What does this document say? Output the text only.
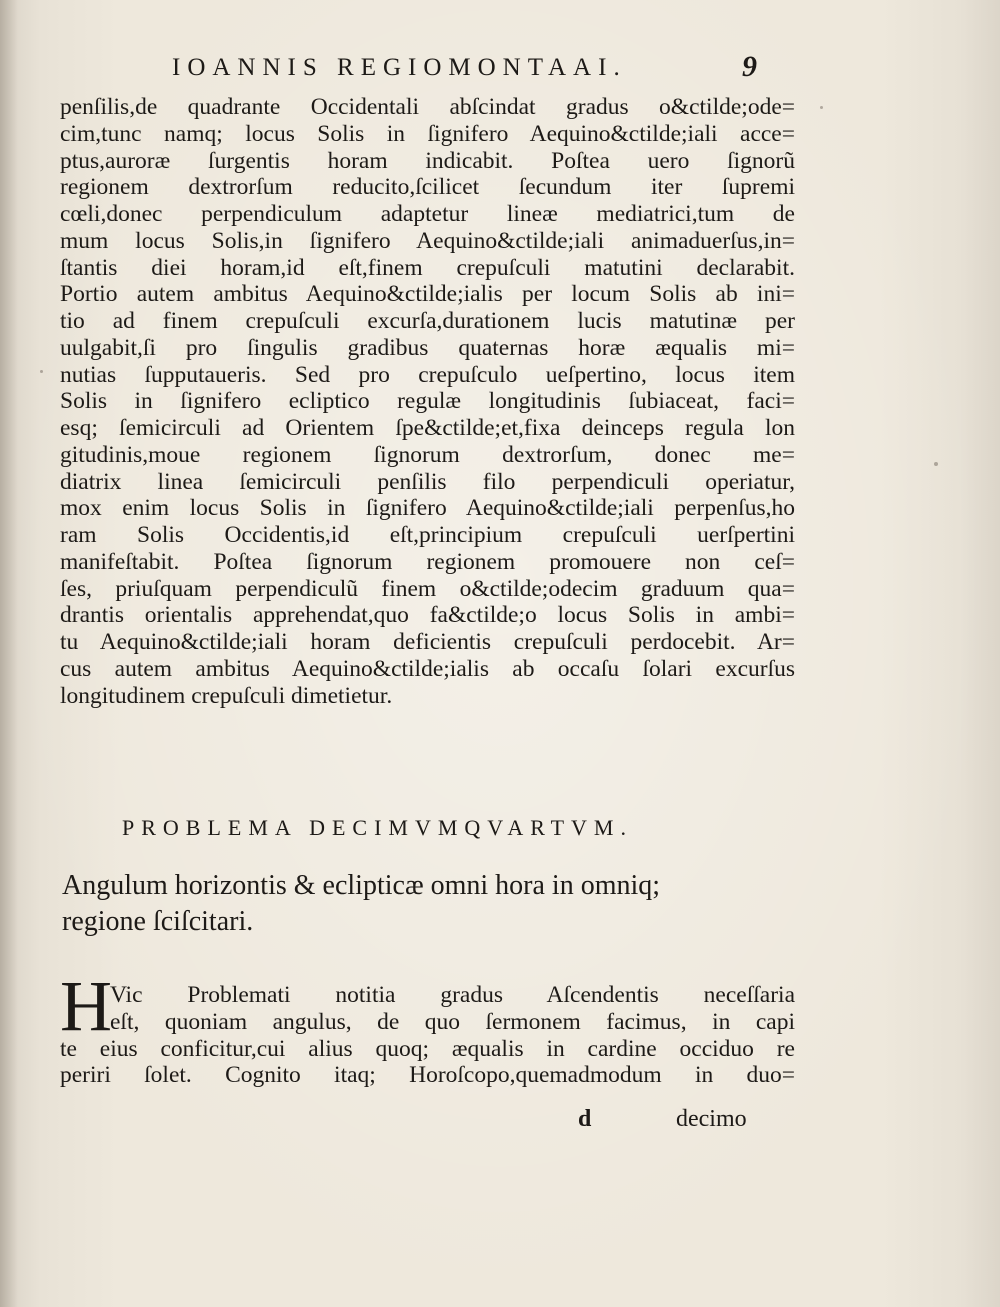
IOANNIS REGIOMONTAAI.	9
penſilis,de quadrante Occidentali abſcindat gradus o&ctilde;ode=
cim,tunc namq; locus Solis in ſignifero Aequino&ctilde;iali acce=
ptus,auroræ ſurgentis horam indicabit. Poſtea uero ſignorũ
regionem dextrorſum reducito,ſcilicet ſecundum iter ſupremi
cœli,donec perpendiculum adaptetur lineæ mediatrici,tum de
mum locus Solis,in ſignifero Aequino&ctilde;iali animaduerſus,in=
ſtantis diei horam,id eſt,finem crepuſculi matutini declarabit.
Portio autem ambitus Aequino&ctilde;ialis per locum Solis ab ini=
tio ad finem crepuſculi excurſa,durationem lucis matutinæ per
uulgabit,ſi pro ſingulis gradibus quaternas horæ æqualis mi=
nutias ſupputaueris. Sed pro crepuſculo ueſpertino, locus item
Solis in ſignifero ecliptico regulæ longitudinis ſubiaceat, faci=
esq; ſemicirculi ad Orientem ſpe&ctilde;et,fixa deinceps regula lon
gitudinis,moue regionem ſignorum dextrorſum, donec me=
diatrix linea ſemicirculi penſilis filo perpendiculi operiatur,
mox enim locus Solis in ſignifero Aequino&ctilde;iali perpenſus,ho
ram Solis Occidentis,id eſt,principium crepuſculi uerſpertini
manifeſtabit. Poſtea ſignorum regionem promouere non ceſ=
ſes, priuſquam perpendiculũ finem o&ctilde;odecim graduum qua=
drantis orientalis apprehendat,quo fa&ctilde;o locus Solis in ambi=
tu Aequino&ctilde;iali horam deficientis crepuſculi perdocebit. Ar=
cus autem ambitus Aequino&ctilde;ialis ab occaſu ſolari excurſus
longitudinem crepuſculi dimetietur.
PROBLEMA DECIMVMQVARTVM.
Angulum horizontis & eclipticæ omni hora in omniq;
regione ſciſcitari.
H
Vic Problemati notitia gradus Aſcendentis neceſſaria
eſt, quoniam angulus, de quo ſermonem facimus, in capi
te eius conficitur,cui alius quoq; æqualis in cardine occiduo re
periri ſolet. Cognito itaq; Horoſcopo,quemadmodum in duo=
d	decimo
